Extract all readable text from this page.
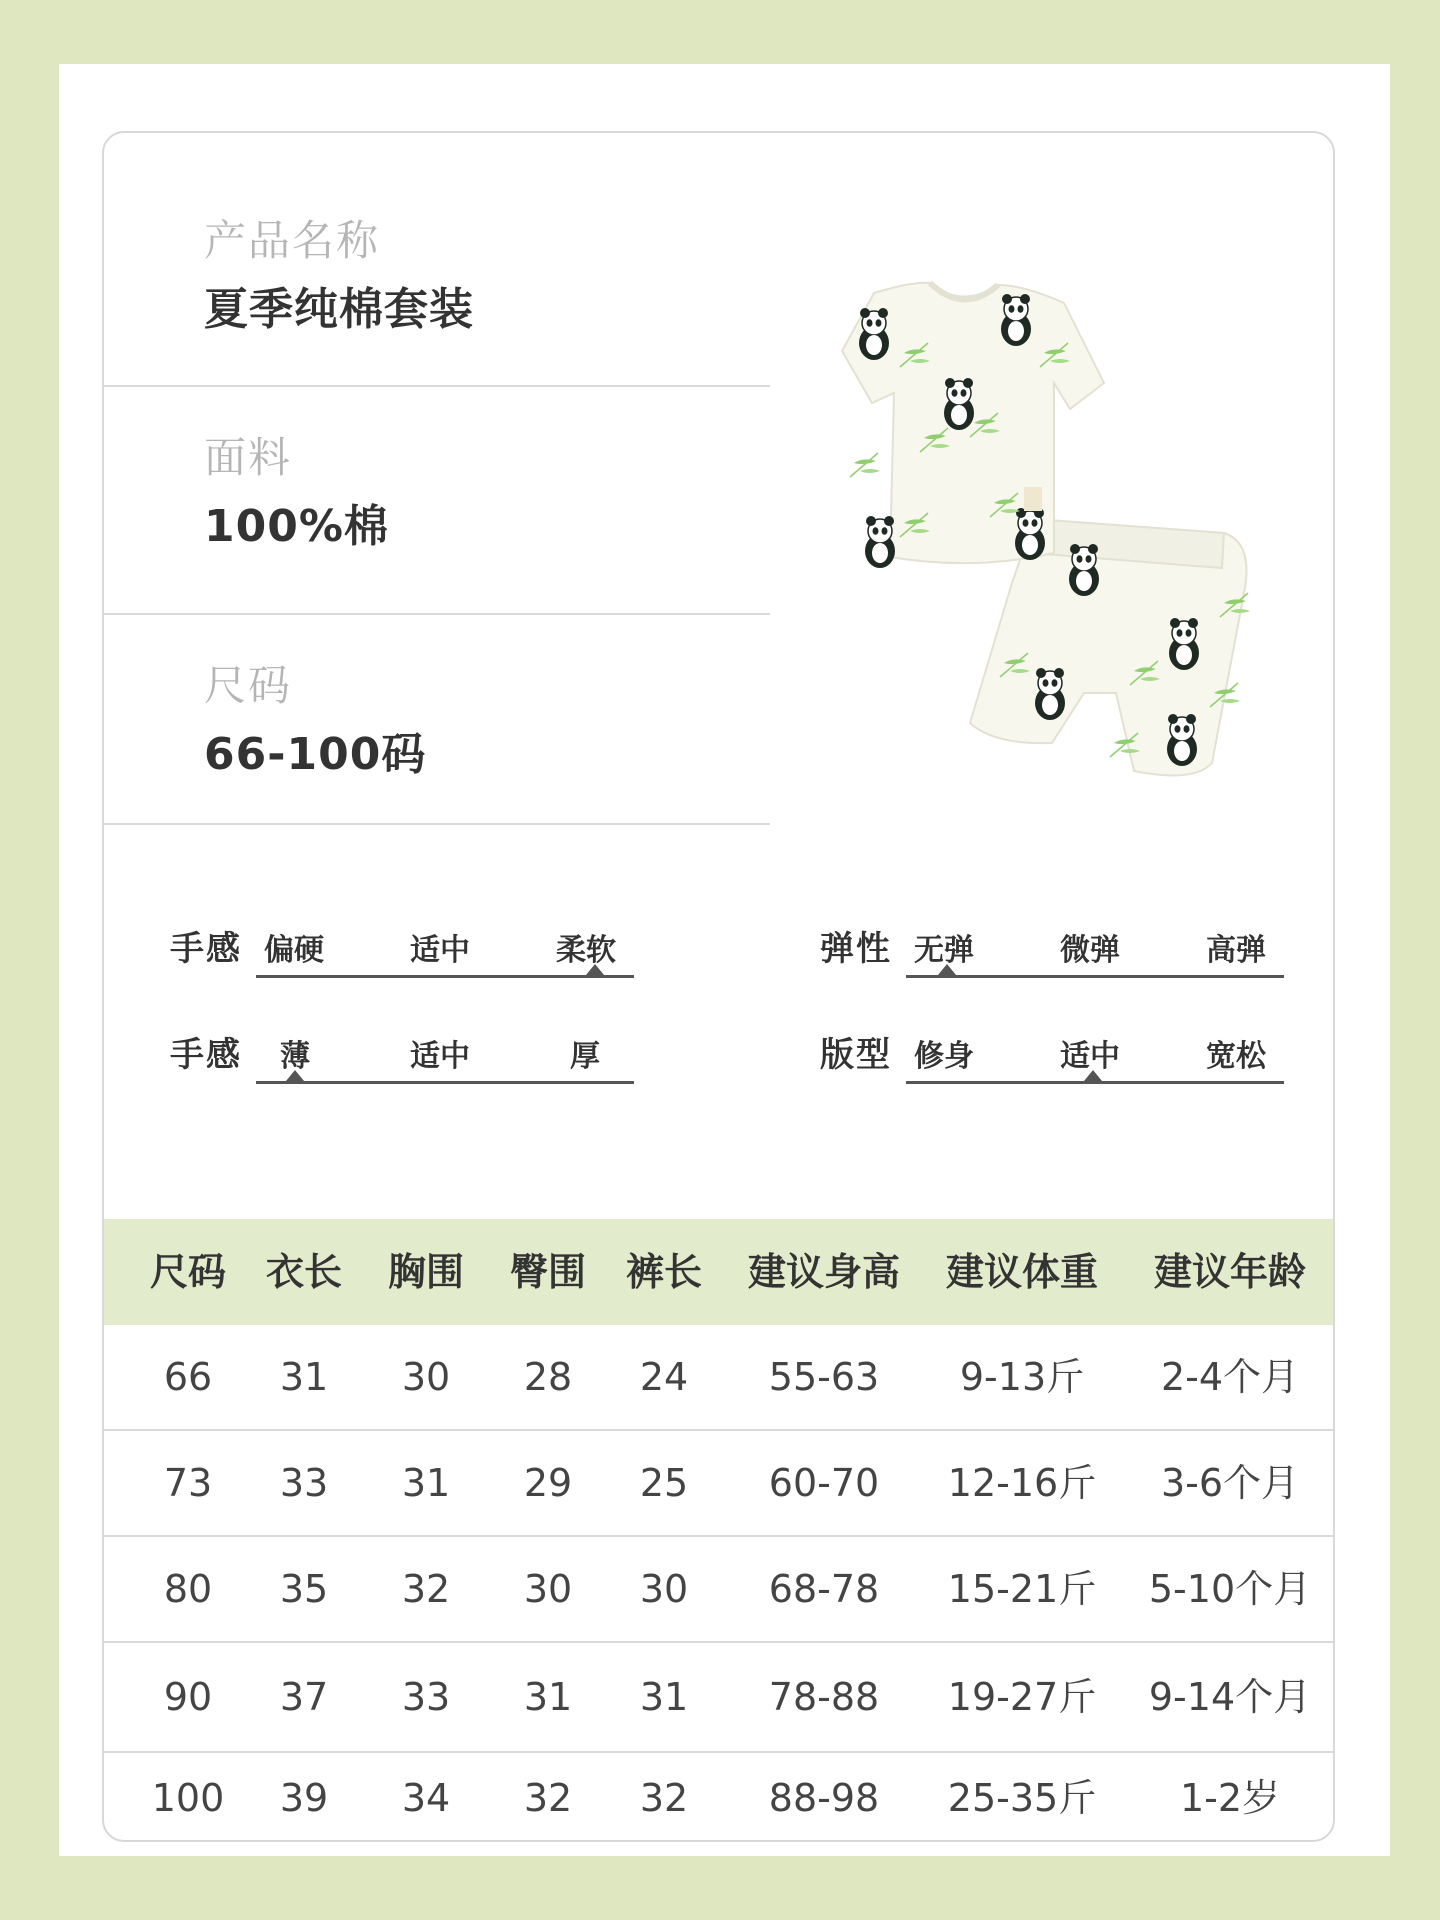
产品名称
夏季纯棉套装
面料
100%棉
尺码
66-100码
手感 偏硬	适中	柔软	弹性 无弹	微弹	高弹
手感 薄	适中	厚	版型 修身	适中	宽松
尺码	衣长	胸围	臀围	裤长	建议身高	建议体重	建议年龄
66	31	30	28	24	55-63	9-13斤	2-4个月
73	33	31	29	25	60-70	12-16斤	3-6个月
80	35	32	30	30	68-78	15-21斤	5-10个月
90	37	33	31	31	78-88	19-27斤	9-14个月
100	39	34	32	32	88-98	25-35斤	1-2岁
